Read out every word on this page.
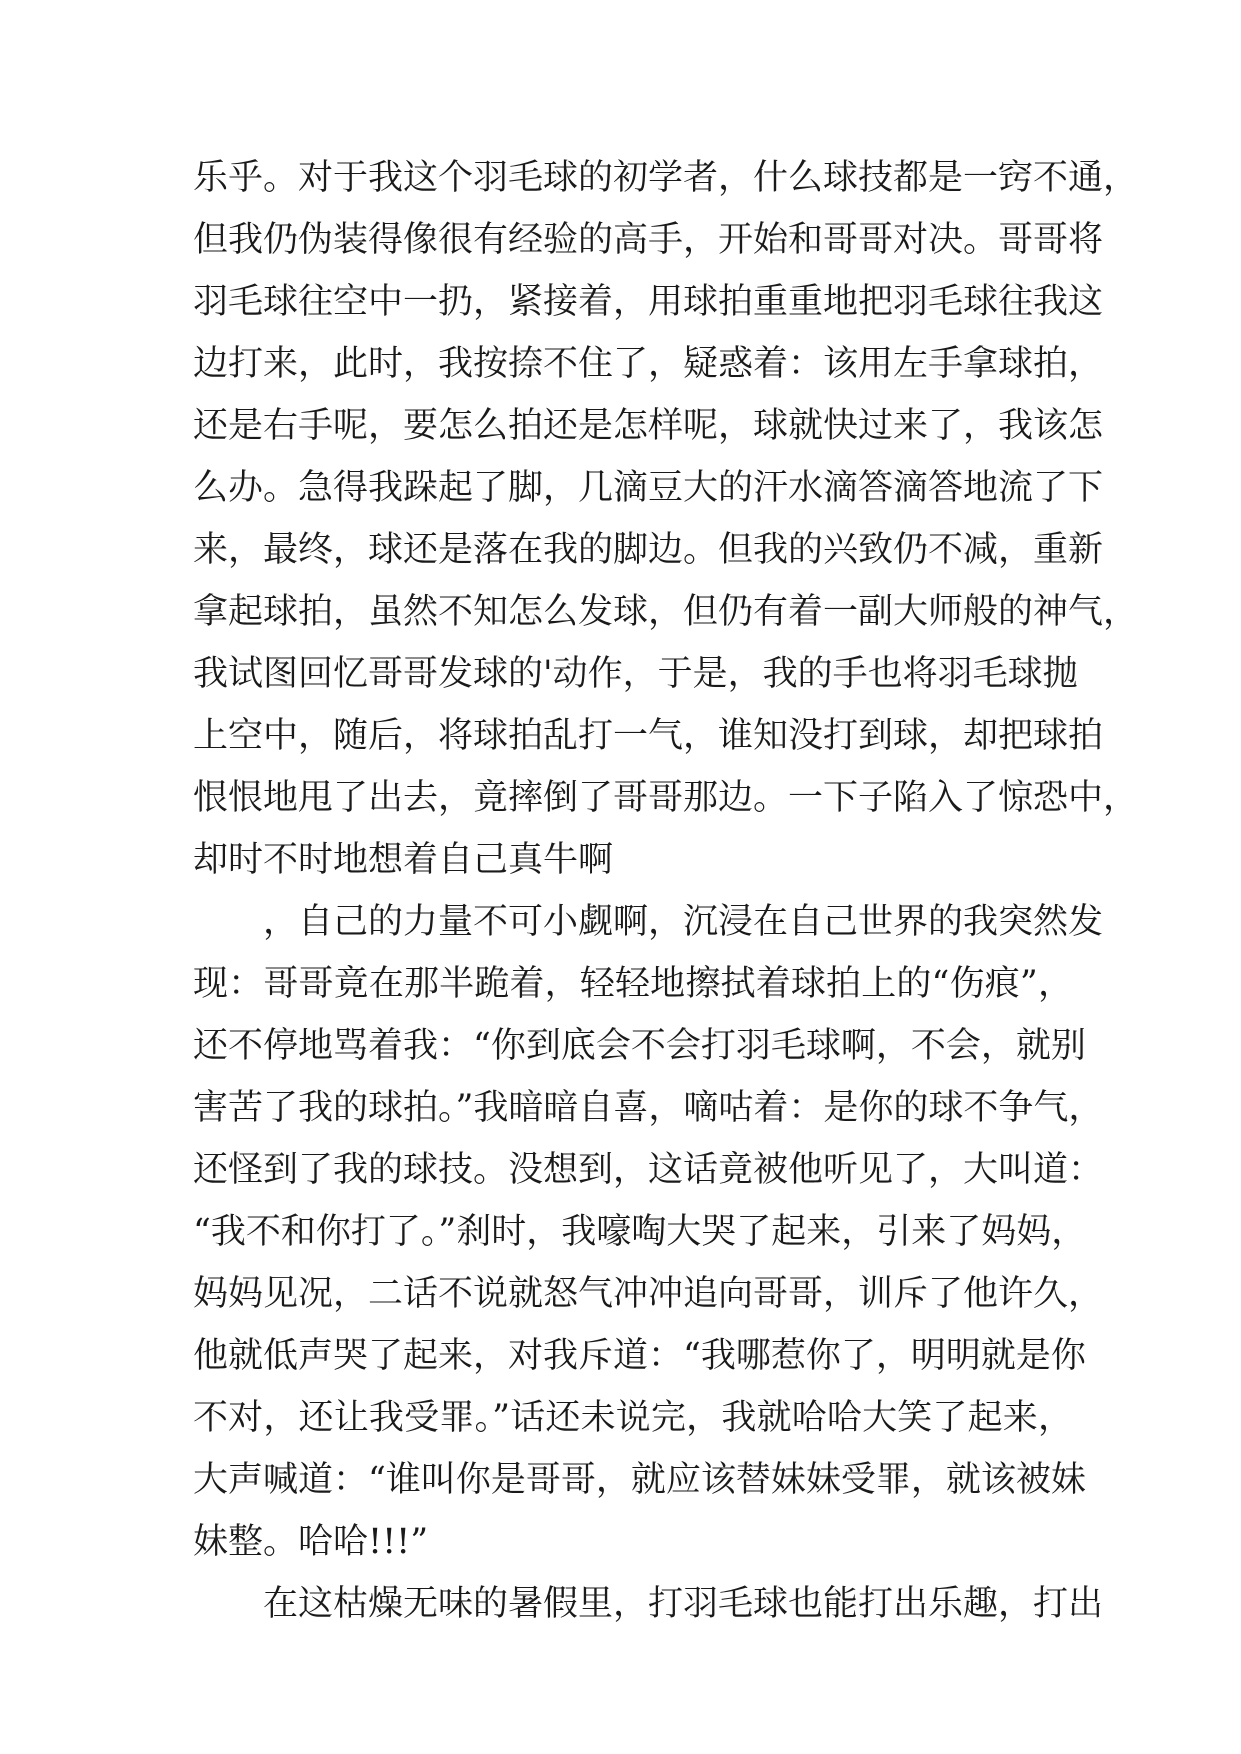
乐乎。对于我这个羽毛球的初学者，什么球技都是一窍不通，
但我仍伪装得像很有经验的高手，开始和哥哥对决。哥哥将
羽毛球往空中一扔，紧接着，用球拍重重地把羽毛球往我这
边打来，此时，我按捺不住了，疑惑着：该用左手拿球拍，
还是右手呢，要怎么拍还是怎样呢，球就快过来了，我该怎
么办。急得我跺起了脚，几滴豆大的汗水滴答滴答地流了下
来，最终，球还是落在我的脚边。但我的兴致仍不减，重新
拿起球拍，虽然不知怎么发球，但仍有着一副大师般的神气，
我试图回忆哥哥发球的'动作，于是，我的手也将羽毛球抛
上空中，随后，将球拍乱打一气，谁知没打到球，却把球拍
恨恨地甩了出去，竟摔倒了哥哥那边。一下子陷入了惊恐中，
却时不时地想着自己真牛啊
，自己的力量不可小觑啊，沉浸在自己世界的我突然发
现：哥哥竟在那半跪着，轻轻地擦拭着球拍上的“伤痕”，
还不停地骂着我：“你到底会不会打羽毛球啊，不会，就别
害苦了我的球拍。”我暗暗自喜，嘀咕着：是你的球不争气，
还怪到了我的球技。没想到，这话竟被他听见了，大叫道：
“我不和你打了。”刹时，我嚎啕大哭了起来，引来了妈妈，
妈妈见况，二话不说就怒气冲冲追向哥哥，训斥了他许久，
他就低声哭了起来，对我斥道：“我哪惹你了，明明就是你
不对，还让我受罪。”话还未说完，我就哈哈大笑了起来，
大声喊道：“谁叫你是哥哥，就应该替妹妹受罪，就该被妹
妹整。哈哈!!!”
在这枯燥无味的暑假里，打羽毛球也能打出乐趣，打出
